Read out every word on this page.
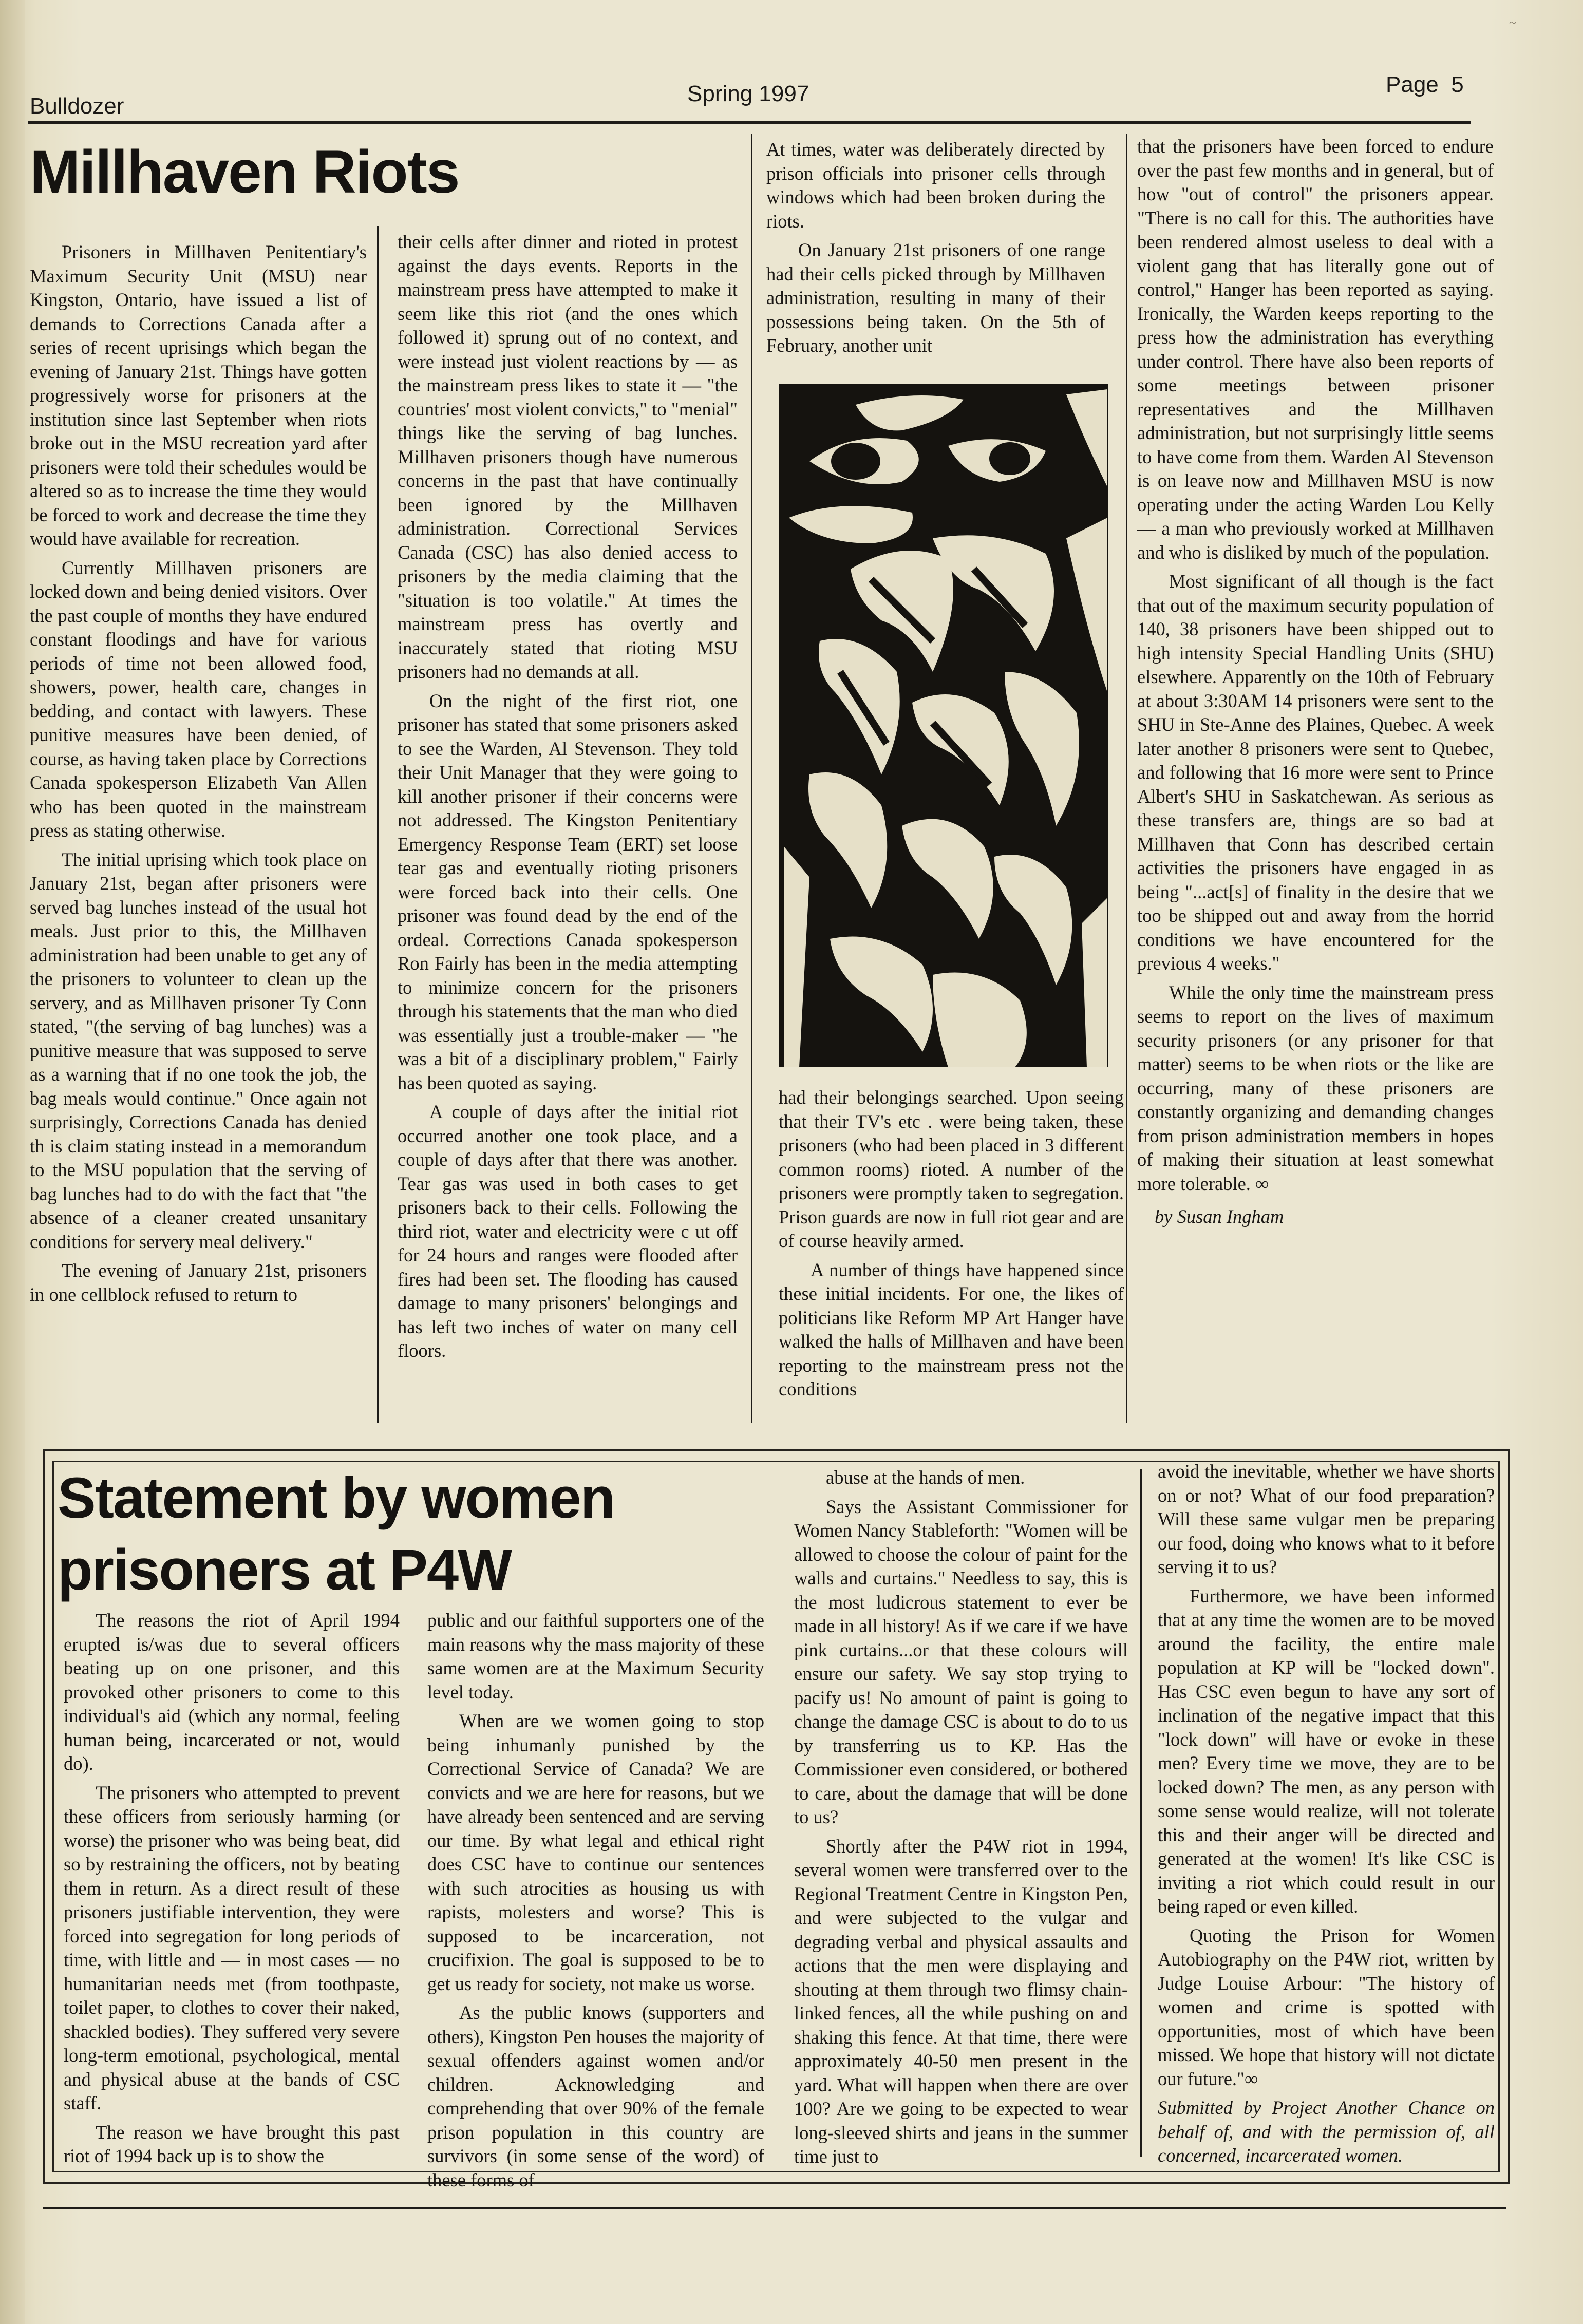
~
Bulldozer	Spring 1997	Page  5
Millhaven Riots

Prisoners in Millhaven Penitentiary's Maximum Security Unit (MSU) near Kingston, Ontario, have issued a list of demands to Corrections Canada after a series of recent uprisings which began the evening of January 21st. Things have gotten progressively worse for prisoners at the institution since last September when riots broke out in the MSU recreation yard after prisoners were told their schedules would be altered so as to increase the time they would be forced to work and decrease the time they would have available for recreation.

Currently Millhaven prisoners are locked down and being denied visitors. Over the past couple of months they have endured constant floodings and have for various periods of time not been allowed food, showers, power, health care, changes in bedding, and contact with lawyers. These punitive measures have been denied, of course, as having taken place by Corrections Canada spokesperson Elizabeth Van Allen who has been quoted in the mainstream press as stating otherwise.

The initial uprising which took place on January 21st, began after prisoners were served bag lunches instead of the usual hot meals. Just prior to this, the Millhaven administration had been unable to get any of the prisoners to volunteer to clean up the servery, and as Millhaven prisoner Ty Conn stated, "(the serving of bag lunches) was a punitive measure that was supposed to serve as a warning that if no one took the job, the bag meals would continue." Once again not surprisingly, Corrections Canada has denied th is claim stating instead in a memorandum to the MSU population that the serving of bag lunches had to do with the fact that "the absence of a cleaner created unsanitary conditions for servery meal delivery."

The evening of January 21st, prisoners in one cellblock refused to return to

their cells after dinner and rioted in protest against the days events. Reports in the mainstream press have attempted to make it seem like this riot (and the ones which followed it) sprung out of no context, and were instead just violent reactions by — as the mainstream press likes to state it — "the countries' most violent convicts," to "menial" things like the serving of bag lunches. Millhaven prisoners though have numerous concerns in the past that have continually been ignored by the Millhaven administration. Correctional Services Canada (CSC) has also denied access to prisoners by the media claiming that the "situation is too volatile." At times the mainstream press has overtly and inaccurately stated that rioting MSU prisoners had no demands at all.

On the night of the first riot, one prisoner has stated that some prisoners asked to see the Warden, Al Stevenson. They told their Unit Manager that they were going to kill another prisoner if their concerns were not addressed. The Kingston Penitentiary Emergency Response Team (ERT) set loose tear gas and eventually rioting prisoners were forced back into their cells. One prisoner was found dead by the end of the ordeal. Corrections Canada spokesperson Ron Fairly has been in the media attempting to minimize concern for the prisoners through his statements that the man who died was essentially just a trouble-maker — "he was a bit of a disciplinary problem," Fairly has been quoted as saying.

A couple of days after the initial riot occurred another one took place, and a couple of days after that there was another. Tear gas was used in both cases to get prisoners back to their cells. Following the third riot, water and electricity were c ut off for 24 hours and ranges were flooded after fires had been set. The flooding has caused damage to many prisoners' belongings and has left two inches of water on many cell floors.

At times, water was deliberately directed by prison officials into prisoner cells through windows which had been broken during the riots.

On January 21st prisoners of one range had their cells picked through by Millhaven administration, resulting in many of their possessions being taken. On the 5th of February, another unit

had their belongings searched. Upon seeing that their TV's etc . were being taken, these prisoners (who had been placed in 3 different common rooms) rioted. A number of the prisoners were promptly taken to segregation. Prison guards are now in full riot gear and are of course heavily armed.

A number of things have happened since these initial incidents. For one, the likes of politicians like Reform MP Art Hanger have walked the halls of Millhaven and have been reporting to the mainstream press not the conditions

that the prisoners have been forced to endure over the past few months and in general, but of how "out of control" the prisoners appear. "There is no call for this. The authorities have been rendered almost useless to deal with a violent gang that has literally gone out of control," Hanger has been reported as saying. Ironically, the Warden keeps reporting to the press how the administration has everything under control. There have also been reports of some meetings between prisoner representatives and the Millhaven administration, but not surprisingly little seems to have come from them. Warden Al Stevenson is on leave now and Millhaven MSU is now operating under the acting Warden Lou Kelly — a man who previously worked at Millhaven and who is disliked by much of the population.

Most significant of all though is the fact that out of the maximum security population of 140, 38 prisoners have been shipped out to high intensity Special Handling Units (SHU) elsewhere. Apparently on the 10th of February at about 3:30AM 14 prisoners were sent to the SHU in Ste-Anne des Plaines, Quebec. A week later another 8 prisoners were sent to Quebec, and following that 16 more were sent to Prince Albert's SHU in Saskatchewan. As serious as these transfers are, things are so bad at Millhaven that Conn has described certain activities the prisoners have engaged in as being "...act[s] of finality in the desire that we too be shipped out and away from the horrid conditions we have encountered for the previous 4 weeks."

While the only time the mainstream press seems to report on the lives of maximum security prisoners (or any prisoner for that matter) seems to be when riots or the like are occurring, many of these prisoners are constantly organizing and demanding changes from prison administration members in hopes of making their situation at least somewhat more tolerable. ∞

by Susan Ingham

Statement by women
prisoners at P4W

The reasons the riot of April 1994 erupted is/was due to several officers beating up on one prisoner, and this provoked other prisoners to come to this individual's aid (which any normal, feeling human being, incarcerated or not, would do).

The prisoners who attempted to prevent these officers from seriously harming (or worse) the prisoner who was being beat, did so by restraining the officers, not by beating them in return. As a direct result of these prisoners justifiable intervention, they were forced into segregation for long periods of time, with little and — in most cases — no humanitarian needs met (from toothpaste, toilet paper, to clothes to cover their naked, shackled bodies). They suffered very severe long-term emotional, psychological, mental and physical abuse at the bands of CSC staff.

The reason we have brought this past riot of 1994 back up is to show the

public and our faithful supporters one of the main reasons why the mass majority of these same women are at the Maximum Security level today.

When are we women going to stop being inhumanly punished by the Correctional Service of Canada? We are convicts and we are here for reasons, but we have already been sentenced and are serving our time. By what legal and ethical right does CSC have to continue our sentences with such atrocities as housing us with rapists, molesters and worse? This is supposed to be incarceration, not crucifixion. The goal is supposed to be to get us ready for society, not make us worse.

As the public knows (supporters and others), Kingston Pen houses the majority of sexual offenders against women and/or children. Acknowledging and comprehending that over 90% of the female prison population in this country are survivors (in some sense of the word) of these forms of

abuse at the hands of men.

Says the Assistant Commissioner for Women Nancy Stableforth: "Women will be allowed to choose the colour of paint for the walls and curtains." Needless to say, this is the most ludicrous statement to ever be made in all history! As if we care if we have pink curtains...or that these colours will ensure our safety. We say stop trying to pacify us! No amount of paint is going to change the damage CSC is about to do to us by transferring us to KP. Has the Commissioner even considered, or bothered to care, about the damage that will be done to us?

Shortly after the P4W riot in 1994, several women were transferred over to the Regional Treatment Centre in Kingston Pen, and were subjected to the vulgar and degrading verbal and physical assaults and actions that the men were displaying and shouting at them through two flimsy chain-linked fences, all the while pushing on and shaking this fence. At that time, there were approximately 40-50 men present in the yard. What will happen when there are over 100? Are we going to be expected to wear long-sleeved shirts and jeans in the summer time just to

avoid the inevitable, whether we have shorts on or not? What of our food preparation? Will these same vulgar men be preparing our food, doing who knows what to it before serving it to us?

Furthermore, we have been informed that at any time the women are to be moved around the facility, the entire male population at KP will be "locked down". Has CSC even begun to have any sort of inclination of the negative impact that this "lock down" will have or evoke in these men? Every time we move, they are to be locked down? The men, as any person with some sense would realize, will not tolerate this and their anger will be directed and generated at the women! It's like CSC is inviting a riot which could result in our being raped or even killed.

Quoting the Prison for Women Autobiography on the P4W riot, written by Judge Louise Arbour: "The history of women and crime is spotted with opportunities, most of which have been missed. We hope that history will not dictate our future."∞

Submitted by Project Another Chance on behalf of, and with the permission of, all concerned, incarcerated women.
